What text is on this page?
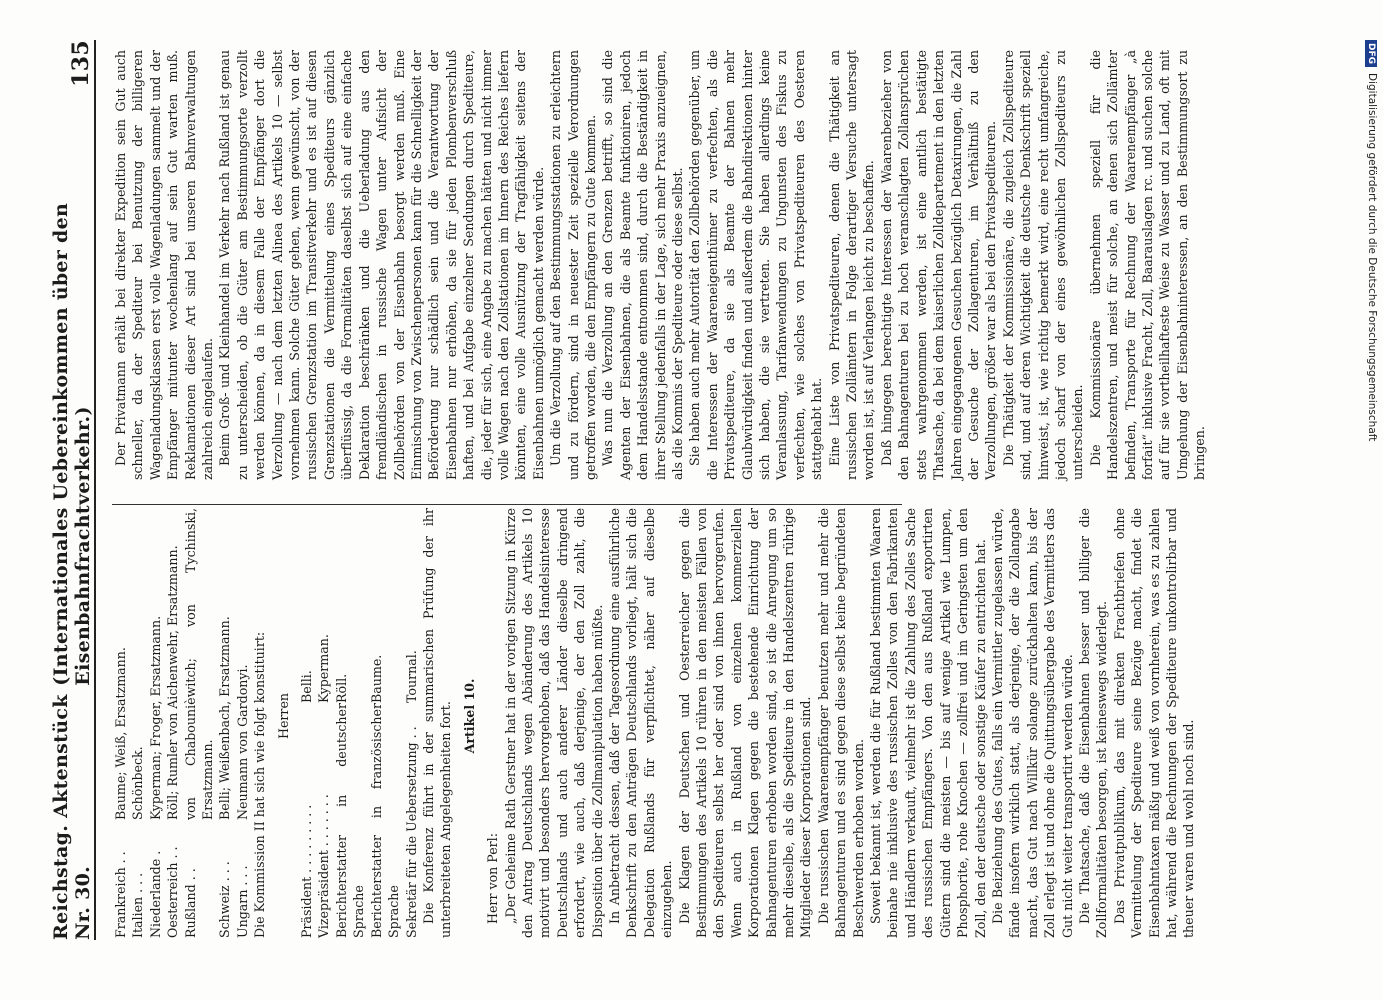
Reichstag. Aktenstück Nr. 30.
(Internationales Uebereinkommen über den Eisenbahnfrachtverkehr.)
135
Frankreich . .
Baume; Weiß, Ersatzmann.
Italien . . .
Schönbeck.
Niederlande .
Kyperman; Froger, Ersatzmann.
Oesterreich . .
Röll; Rumler von Aichenwehr, Ersatzmann.
Rußland . .
von Chabounièwitch; von Tychinski, Ersatzmann.
Schweiz . . .
Belli; Weißenbach, Ersatzmann.
Ungarn . . .
Neumann von Gardonyi. Die Kommission II hat sich wie folgt konstituirt: Herren

Präsident . . . . . . . . .
Belli.
Vizepräsident . . . . . . .
Kyperman.
Berichterstatter in deutscher Sprache
Röll.
Berichterstatter in französischer Sprache
Baume.
Sekretär für die Uebersetzung . .
Tournal. Die Konferenz führt in der summarischen Prüfung der ihr unterbreiteten Angelegenheiten fort. Artikel 10.

Herr von Perl: „Der Geheime Rath Gerstner hat in der vorigen Sitzung in Kürze den Antrag Deutschlands wegen Abänderung des Artikels 10 motivirt und besonders hervorgehoben, daß das Handelsinteresse Deutschlands und auch anderer Länder dieselbe dringend erfordert, wie auch, daß derjenige, der den Zoll zahlt, die Disposition über die Zollmanipulation haben müßte. In Anbetracht dessen, daß der Tagesordnung eine ausführliche Denkschrift zu den Anträgen Deutschlands vorliegt, hält sich die Delegation Rußlands für verpflichtet, näher auf dieselbe einzugehen. Die Klagen der Deutschen und Oesterreicher gegen die Bestimmungen des Artikels 10 rühren in den meisten Fällen von den Spediteuren selbst her oder sind von ihnen hervorgerufen. Wenn auch in Rußland von einzelnen kommerziellen Korporationen Klagen gegen die bestehende Einrichtung der Bahnagenturen erhoben worden sind, so ist die Anregung um so mehr dieselbe, als die Spediteure in den Handelszentren rührige Mitglieder dieser Korporationen sind. Die russischen Waarenempfänger benutzen mehr und mehr die Bahnagenturen und es sind gegen diese selbst keine begründeten Beschwerden erhoben worden. Soweit bekannt ist, werden die für Rußland bestimmten Waaren beinahe nie inklusive des russischen Zolles von den Fabrikanten und Händlern verkauft, vielmehr ist die Zahlung des Zolles Sache des russischen Empfängers. Von den aus Rußland exportirten Gütern sind die meisten — bis auf wenige Artikel wie Lumpen, Phosphorite, rohe Knochen — zollfrei und im Geringsten um den Zoll, den der deutsche oder sonstige Käufer zu entrichten hat. Die Beiziehung des Gutes, falls ein Vermittler zugelassen würde, fände insofern wirklich statt, als derjenige, der die Zollangabe macht, das Gut nach Willkür solange zurückhalten kann, bis der Zoll erlegt ist und ohne die Quittungsübergabe des Vermittlers das Gut nicht weiter transportirt werden würde. Die Thatsache, daß die Eisenbahnen besser und billiger die Zollformalitäten besorgen, ist keineswegs widerlegt. Das Privatpublikum, das mit direkten Frachtbriefen ohne Vermittelung der Spediteure seine Bezüge macht, findet die Eisenbahntaxen mäßig und weiß von vornherein, was es zu zahlen hat, während die Rechnungen der Spediteure unkontrolirbar und theuer waren und wohl noch sind.

Der Privatmann erhält bei direkter Expedition sein Gut auch schneller, da der Spediteur bei Benutzung der billigeren Wagenladungsklassen erst volle Wagenladungen sammelt und der Empfänger mitunter wochenlang auf sein Gut warten muß. Reklamationen dieser Art sind bei unseren Bahnverwaltungen zahlreich eingelaufen. Beim Groß- und Kleinhandel im Verkehr nach Rußland ist genau zu unterscheiden, ob die Güter am Bestimmungsorte verzollt werden können, da in diesem Falle der Empfänger dort die Verzollung — nach dem letzten Alinea des Artikels 10 — selbst vornehmen kann. Solche Güter gehen, wenn gewünscht, von der russischen Grenzstation im Transitverkehr und es ist auf diesen Grenzstationen die Vermittelung eines Spediteurs gänzlich überflüssig, da die Formalitäten daselbst sich auf eine einfache Deklaration beschränken und die Ueberladung aus den fremdländischen in russische Wagen unter Aufsicht der Zollbehörden von der Eisenbahn besorgt werden muß. Eine Einmischung von Zwischenpersonen kann für die Schnelligkeit der Beförderung nur schädlich sein und die Verantwortung der Eisenbahnen nur erhöhen, da sie für jeden Plombenverschluß haften, und bei Aufgabe einzelner Sendungen durch Spediteure, die, jeder für sich, eine Angabe zu machen hätten und nicht immer volle Wagen nach den Zollstationen im Innern des Reiches liefern könnten, eine volle Ausnützung der Tragfähigkeit seitens der Eisenbahnen unmöglich gemacht werden würde. Um die Verzollung auf den Bestimmungsstationen zu erleichtern und zu fördern, sind in neuester Zeit spezielle Verordnungen getroffen worden, die den Empfängern zu Gute kommen. Was nun die Verzollung an den Grenzen betrifft, so sind die Agenten der Eisenbahnen, die als Beamte funktioniren, jedoch dem Handelsstande entnommen sind, durch die Beständigkeit in ihrer Stellung jedenfalls in der Lage, sich mehr Praxis anzueignen, als die Kommis der Spediteure oder diese selbst. Sie haben auch mehr Autorität den Zollbehörden gegenüber, um die Interessen der Waareneigenthümer zu verfechten, als die Privatspediteure, da sie als Beamte der Bahnen mehr Glaubwürdigkeit finden und außerdem die Bahndirektionen hinter sich haben, die sie vertreten. Sie haben allerdings keine Veranlassung, Tarifanwendungen zu Ungunsten des Fiskus zu verfechten, wie solches von Privatspediteuren des Oesteren stattgehabt hat. Eine Liste von Privatspediteuren, denen die Thätigkeit an russischen Zollämtern in Folge derartiger Versuche untersagt worden ist, ist auf Verlangen leicht zu beschaffen. Daß hingegen berechtigte Interessen der Waarenbezieher von den Bahnagenturen bei zu hoch veranschlagten Zollansprüchen stets wahrgenommen werden, ist eine amtlich bestätigte Thatsache, da bei dem kaiserlichen Zolldepartement in den letzten Jahren eingegangenen Gesuchen bezüglich Detaxirungen, die Zahl der Gesuche der Zollagenturen, im Verhältniß zu den Verzollungen, größer war als bei den Privatspediteuren. Die Thätigkeit der Kommissionäre, die zugleich Zollspediteure sind, und auf deren Wichtigkeit die deutsche Denkschrift speziell hinweist, ist, wie richtig bemerkt wird, eine recht umfangreiche, jedoch scharf von der eines gewöhnlichen Zollspediteurs zu unterscheiden. Die Kommissionäre übernehmen speziell für die Handelszentren, und meist für solche, an denen sich Zollämter befinden, Transporte für Rechnung der Waarenempfänger „à forfait“ inklusive Fracht, Zoll, Baarauslagen rc. und suchen solche auf für sie vortheilhafteste Weise zu Wasser und zu Land, oft mit Umgehung der Eisenbahninteressen, an den Bestimmungsort zu bringen.

DFGDigitalisierung gefördert durch die Deutsche Forschungsgemeinschaft
